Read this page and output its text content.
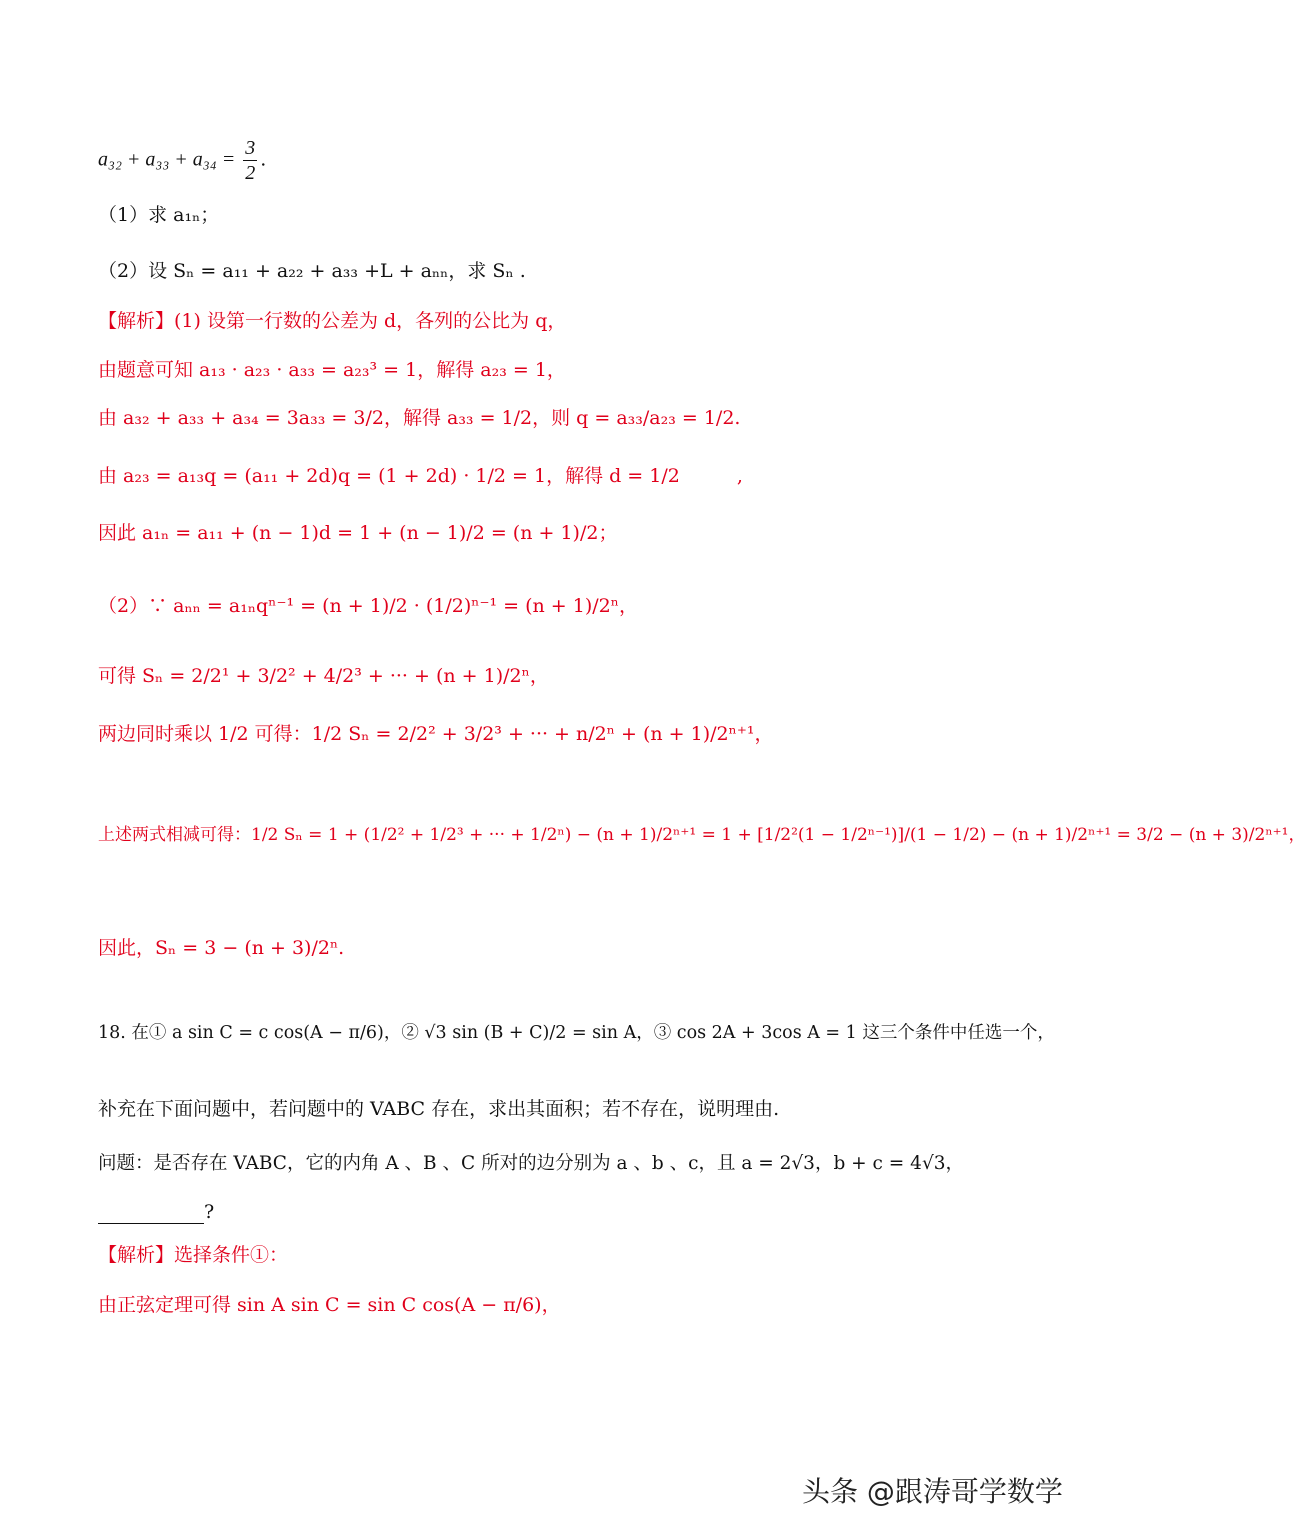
$a_{32} + a_{33} + a_{34} = \frac{3}{2}$ .
（1）求 a₁ₙ；
（2）设 Sₙ = a₁₁ + a₂₂ + a₃₃ +L + aₙₙ，求 Sₙ .
【解析】(1) 设第一行数的公差为 d，各列的公比为 q，
由题意可知 a₁₃ · a₂₃ · a₃₃ = a₂₃³ = 1，解得 a₂₃ = 1，
由 a₃₂ + a₃₃ + a₃₄ = 3a₃₃ = 3/2，解得 a₃₃ = 1/2，则 q = a₃₃/a₂₃ = 1/2.
由 a₂₃ = a₁₃q = (a₁₁ + 2d)q = (1 + 2d) · 1/2 = 1，解得 d = 1/2　　　,
因此 a₁ₙ = a₁₁ + (n − 1)d = 1 + (n − 1)/2 = (n + 1)/2；
（2）∵ aₙₙ = a₁ₙqⁿ⁻¹ = (n + 1)/2 · (1/2)ⁿ⁻¹ = (n + 1)/2ⁿ，
可得 Sₙ = 2/2¹ + 3/2² + 4/2³ + ··· + (n + 1)/2ⁿ，
两边同时乘以 1/2 可得：1/2 Sₙ = 2/2² + 3/2³ + ··· + n/2ⁿ + (n + 1)/2ⁿ⁺¹，
上述两式相减可得：1/2 Sₙ = 1 + (1/2² + 1/2³ + ··· + 1/2ⁿ) − (n + 1)/2ⁿ⁺¹ = 1 + [1/2²(1 − 1/2ⁿ⁻¹)]/(1 − 1/2) − (n + 1)/2ⁿ⁺¹ = 3/2 − (n + 3)/2ⁿ⁺¹，
因此，Sₙ = 3 − (n + 3)/2ⁿ.
18. 在① a sin C = c cos(A − π/6)，② √3 sin (B + C)/2 = sin A，③ cos 2A + 3cos A = 1 这三个条件中任选一个，
补充在下面问题中，若问题中的 VABC 存在，求出其面积；若不存在，说明理由.
问题：是否存在 VABC，它的内角 A 、B 、C 所对的边分别为 a 、b 、c，且 a = 2√3，b + c = 4√3，
?
【解析】选择条件①：
由正弦定理可得 sin A sin C = sin C cos(A − π/6)，
头条 @跟涛哥学数学
